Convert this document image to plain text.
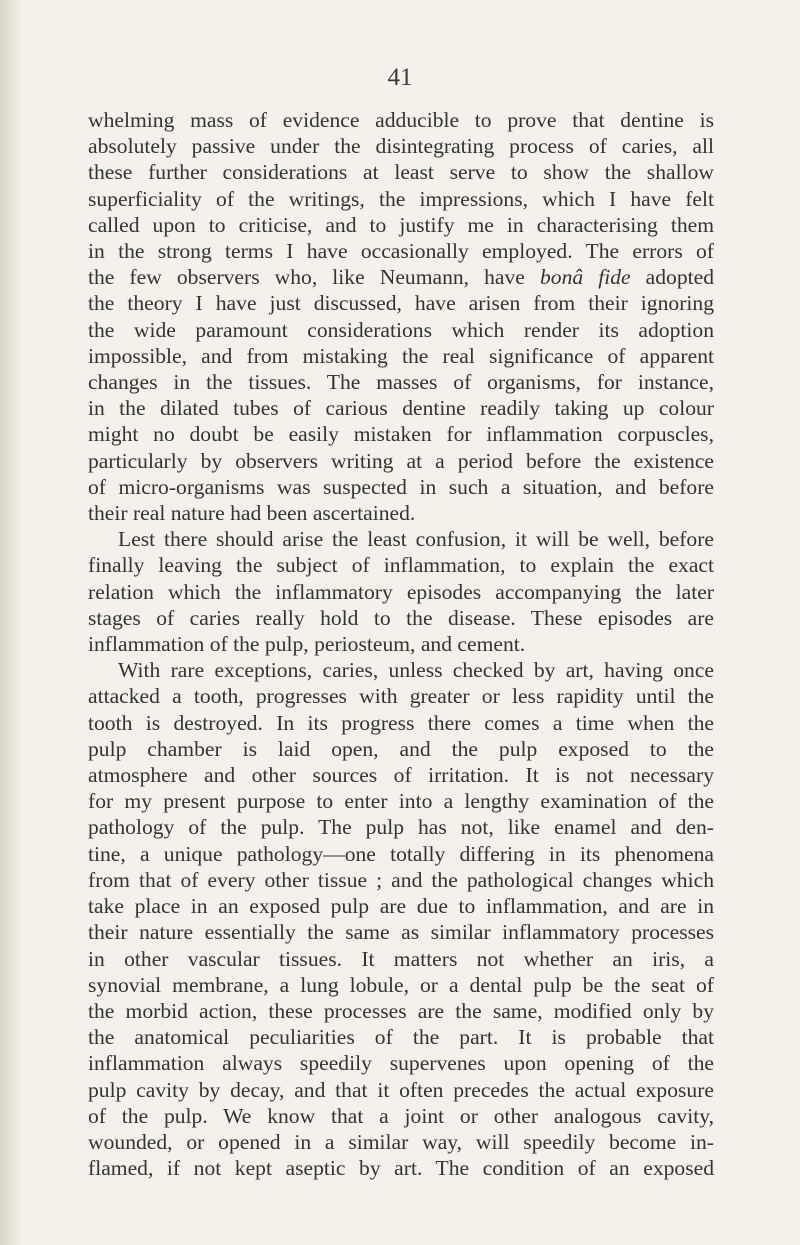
41
whelming mass of evidence adducible to prove that dentine is
absolutely passive under the disintegrating process of caries, all
these further considerations at least serve to show the shallow
superficiality of the writings, the impressions, which I have felt
called upon to criticise, and to justify me in characterising them
in the strong terms I have occasionally employed. The errors of
the few observers who, like Neumann, have bonâ fide adopted
the theory I have just discussed, have arisen from their ignoring
the wide paramount considerations which render its adoption
impossible, and from mistaking the real significance of apparent
changes in the tissues. The masses of organisms, for instance,
in the dilated tubes of carious dentine readily taking up colour
might no doubt be easily mistaken for inflammation corpuscles,
particularly by observers writing at a period before the existence
of micro-organisms was suspected in such a situation, and before
their real nature had been ascertained.
Lest there should arise the least confusion, it will be well, before
finally leaving the subject of inflammation, to explain the exact
relation which the inflammatory episodes accompanying the later
stages of caries really hold to the disease. These episodes are
inflammation of the pulp, periosteum, and cement.
With rare exceptions, caries, unless checked by art, having once
attacked a tooth, progresses with greater or less rapidity until the
tooth is destroyed. In its progress there comes a time when the
pulp chamber is laid open, and the pulp exposed to the
atmosphere and other sources of irritation. It is not necessary
for my present purpose to enter into a lengthy examination of the
pathology of the pulp. The pulp has not, like enamel and den-
tine, a unique pathology—one totally differing in its phenomena
from that of every other tissue ; and the pathological changes which
take place in an exposed pulp are due to inflammation, and are in
their nature essentially the same as similar inflammatory processes
in other vascular tissues. It matters not whether an iris, a
synovial membrane, a lung lobule, or a dental pulp be the seat of
the morbid action, these processes are the same, modified only by
the anatomical peculiarities of the part. It is probable that
inflammation always speedily supervenes upon opening of the
pulp cavity by decay, and that it often precedes the actual exposure
of the pulp. We know that a joint or other analogous cavity,
wounded, or opened in a similar way, will speedily become in-
flamed, if not kept aseptic by art. The condition of an exposed
